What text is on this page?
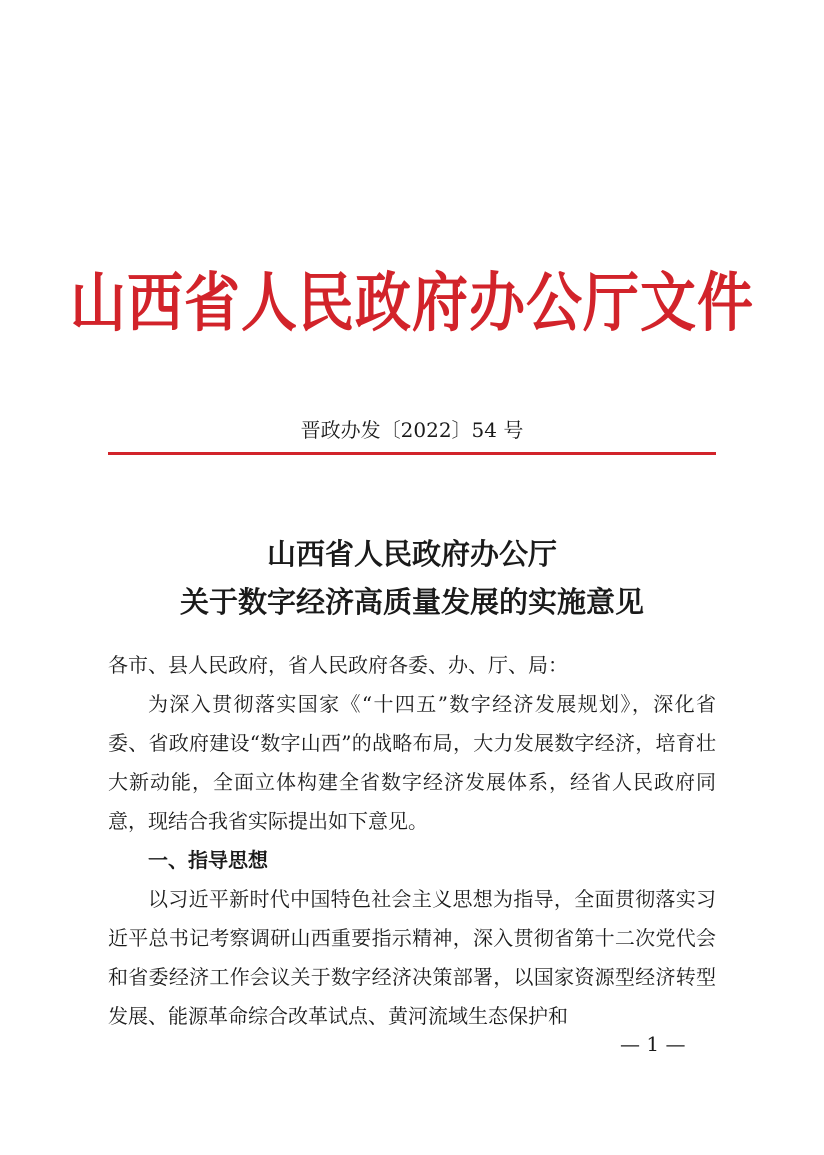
山西省人民政府办公厅文件
晋政办发〔2022〕54 号
山西省人民政府办公厅
关于数字经济高质量发展的实施意见

各市、县人民政府，省人民政府各委、办、厅、局：

为深入贯彻落实国家《“十四五”数字经济发展规划》，深化省委、省政府建设“数字山西”的战略布局，大力发展数字经济，培育壮大新动能，全面立体构建全省数字经济发展体系，经省人民政府同意，现结合我省实际提出如下意见。

一、指导思想

以习近平新时代中国特色社会主义思想为指导，全面贯彻落实习近平总书记考察调研山西重要指示精神，深入贯彻省第十二次党代会和省委经济工作会议关于数字经济决策部署，以国家资源型经济转型发展、能源革命综合改革试点、黄河流域生态保护和

— 1 —
